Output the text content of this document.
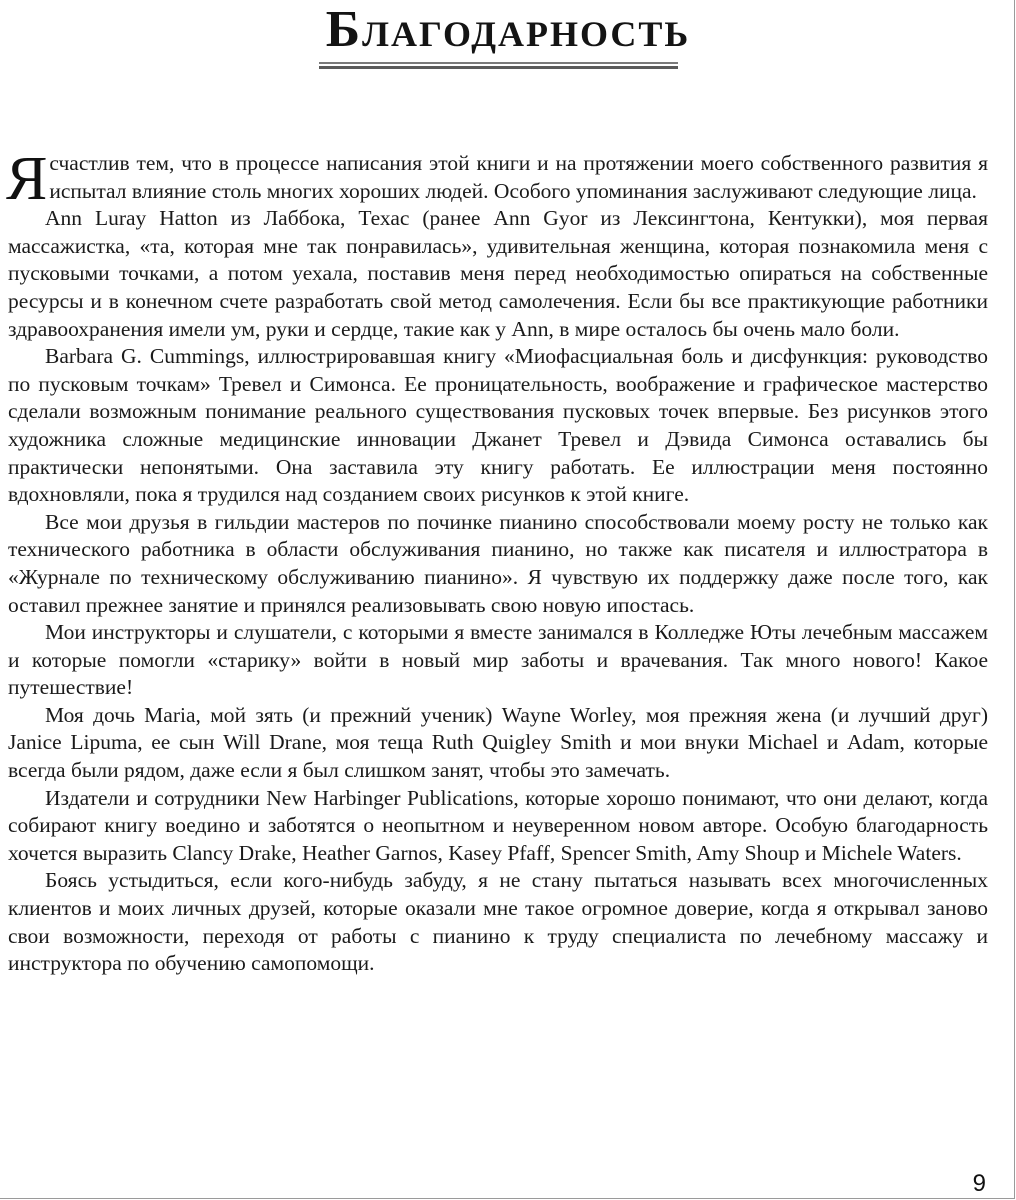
Благодарность

Ясчастлив тем, что в процессе написания этой книги и на протяжении моего собственного развития я испытал влияние столь многих хороших людей. Особого упоминания заслуживают следующие лица.

Ann Luray Hatton из Лаббока, Техас (ранее Ann Gyor из Лексингтона, Кентукки), моя первая массажистка, «та, которая мне так понравилась», удивительная женщина, которая познакомила меня с пусковыми точками, а потом уехала, поставив меня перед необходимостью опираться на собственные ресурсы и в конечном счете разработать свой метод самолечения. Если бы все практикующие работники здравоохранения имели ум, руки и сердце, такие как у Ann, в мире осталось бы очень мало боли.

Barbara G. Cummings, иллюстрировавшая книгу «Миофасциальная боль и дисфункция: руководство по пусковым точкам» Тревел и Симонса. Ее проницательность, воображение и графическое мастерство сделали возможным понимание реального существования пусковых точек впервые. Без рисунков этого художника сложные медицинские инновации Джанет Тревел и Дэвида Симонса оставались бы практически непонятыми. Она заставила эту книгу работать. Ее иллюстрации меня постоянно вдохновляли, пока я трудился над созданием своих рисунков к этой книге.

Все мои друзья в гильдии мастеров по починке пианино способствовали моему росту не только как технического работника в области обслуживания пианино, но также как писателя и иллюстратора в «Журнале по техническому обслуживанию пианино». Я чувствую их поддержку даже после того, как оставил прежнее занятие и принялся реализовывать свою новую ипостась.

Мои инструкторы и слушатели, с которыми я вместе занимался в Колледже Юты лечебным массажем и которые помогли «старику» войти в новый мир заботы и врачевания. Так много нового! Какое путешествие!

Моя дочь Maria, мой зять (и прежний ученик) Wayne Worley, моя прежняя жена (и лучший друг) Janice Lipuma, ее сын Will Drane, моя теща Ruth Quigley Smith и мои внуки Michael и Adam, которые всегда были рядом, даже если я был слишком занят, чтобы это замечать.

Издатели и сотрудники New Harbinger Publications, которые хорошо понимают, что они делают, когда собирают книгу воедино и заботятся о неопытном и неуверенном новом авторе. Особую благодарность хочется выразить Clancy Drake, Heather Garnos, Kasey Pfaff, Spencer Smith, Amy Shoup и Michele Waters.

Боясь устыдиться, если кого-нибудь забуду, я не стану пытаться называть всех многочисленных клиентов и моих личных друзей, которые оказали мне такое огромное доверие, когда я открывал заново свои возможности, переходя от работы с пианино к труду специалиста по лечебному массажу и инструктора по обучению самопомощи.

9
